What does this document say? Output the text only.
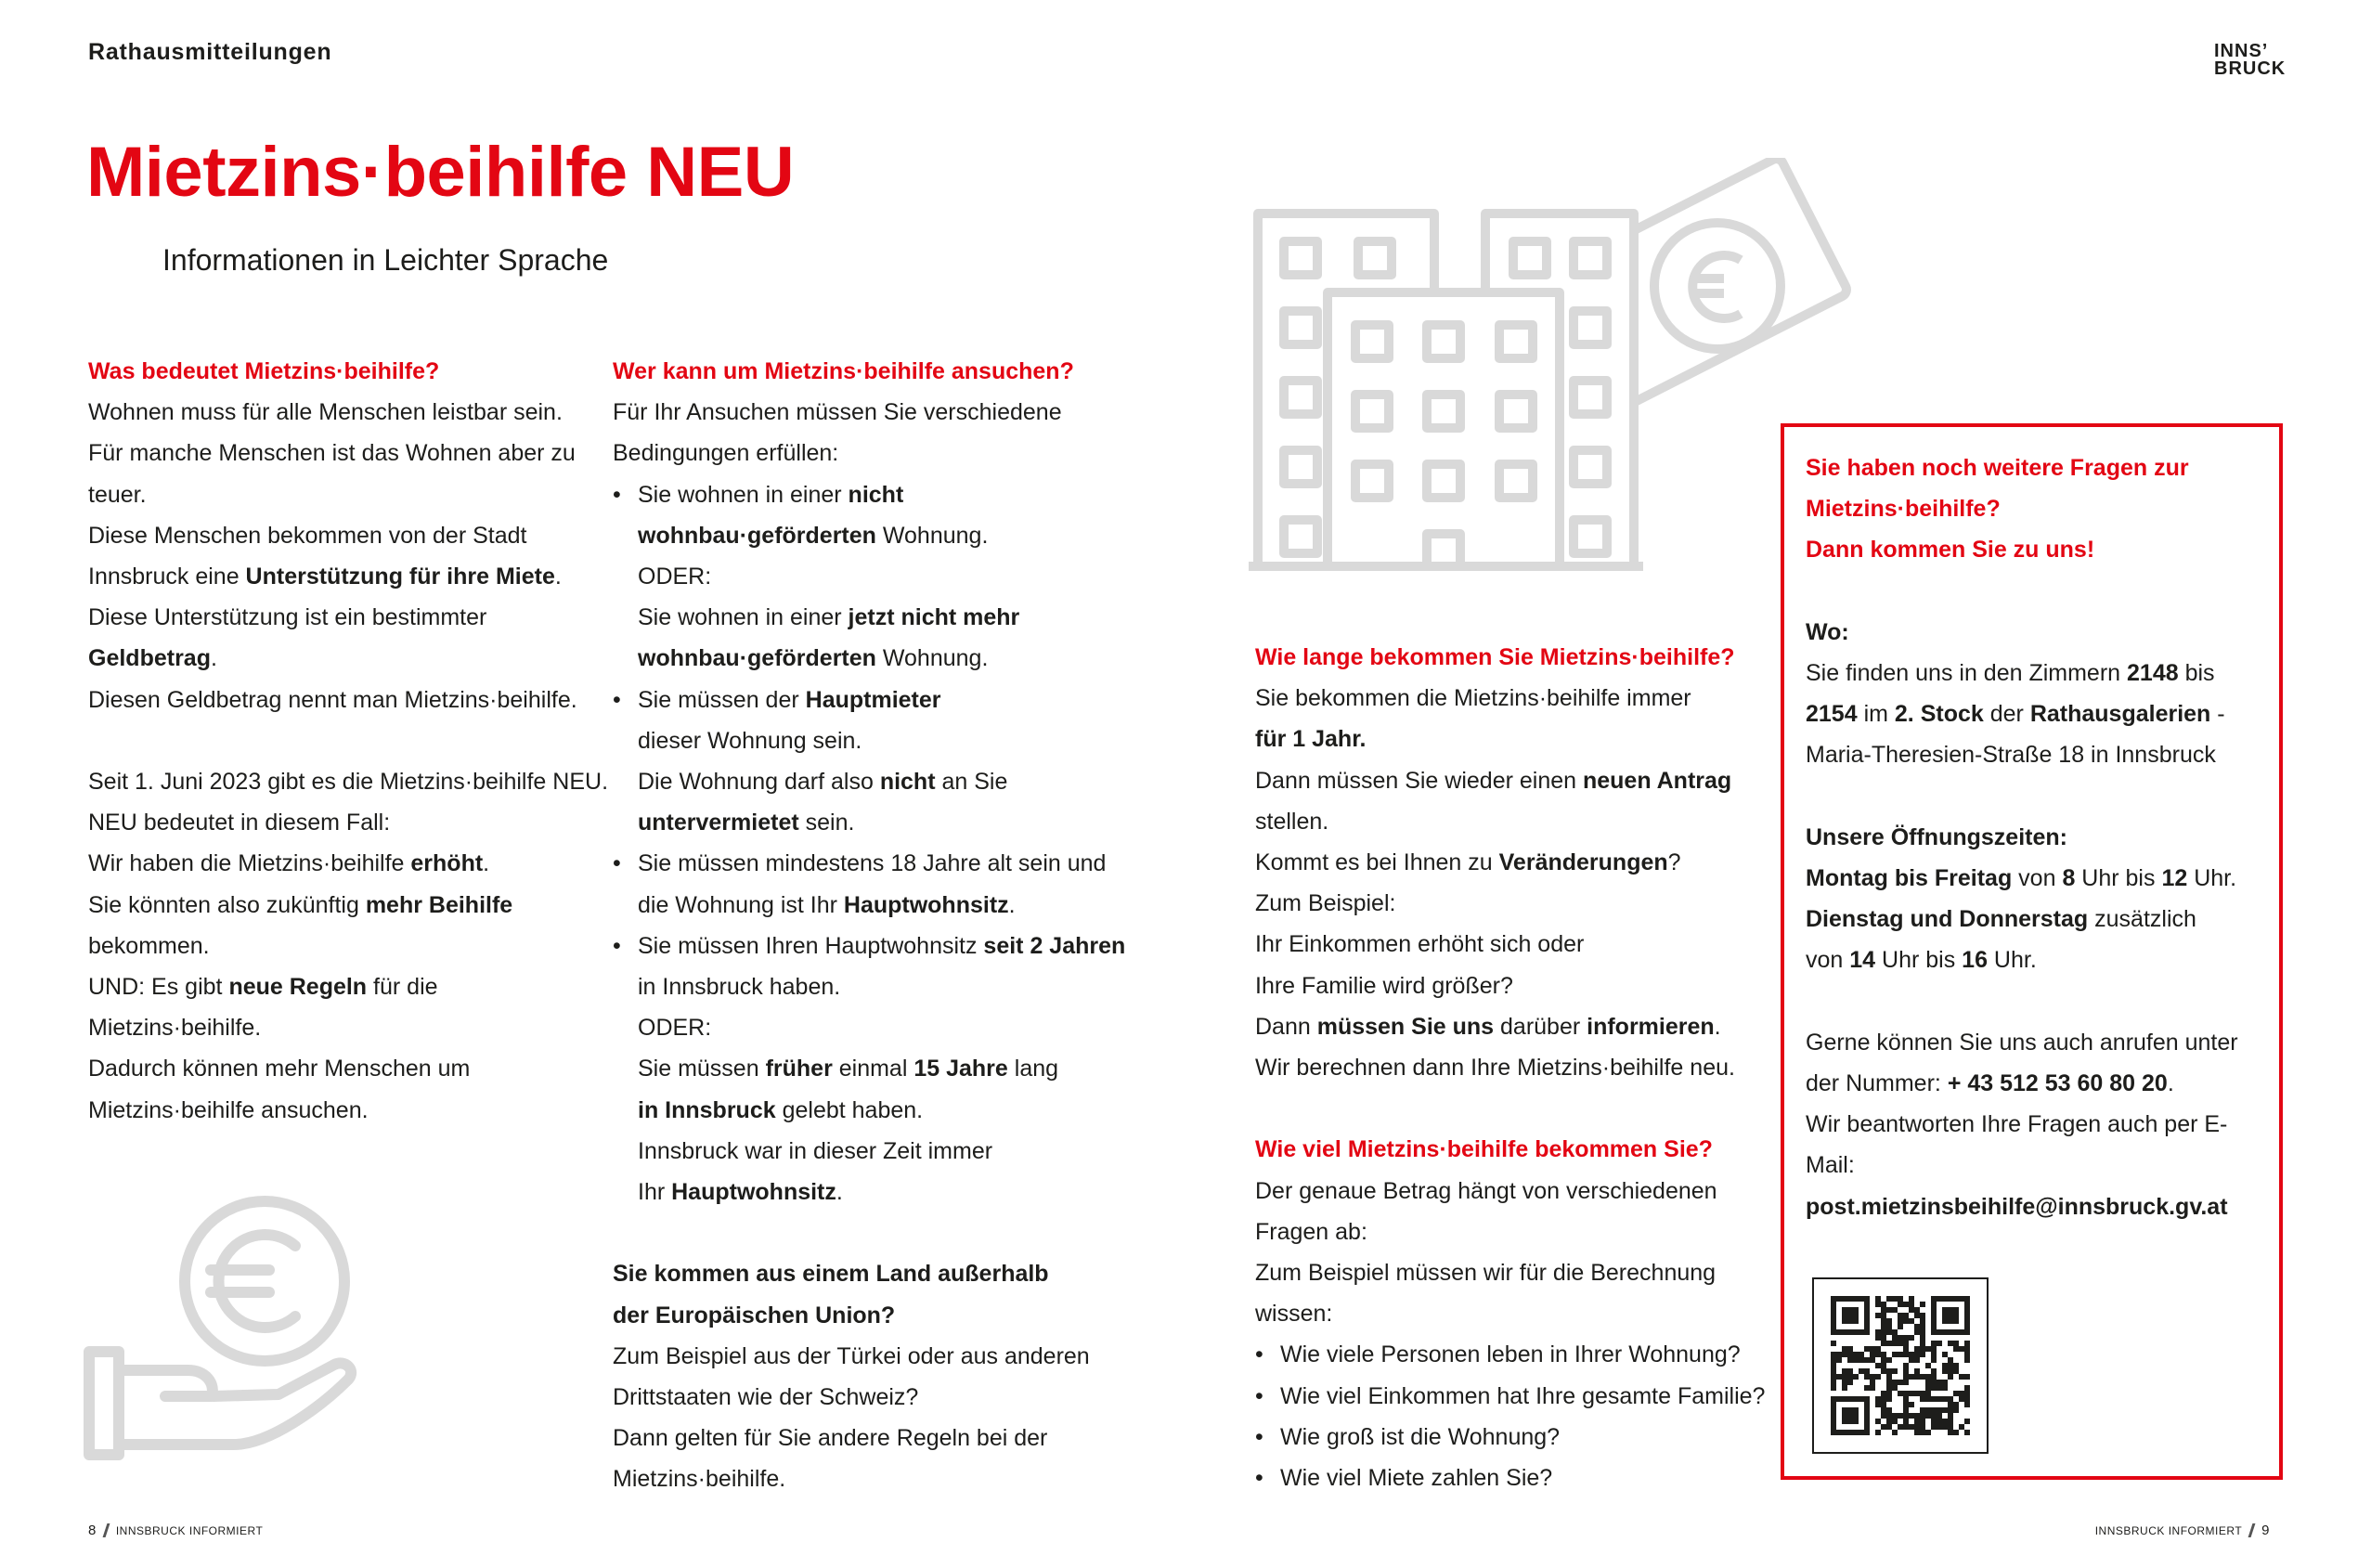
Rathausmitteilungen	INNS’
BRUCK
Mietzins·beihilfe NEU
Informationen in Leichter Sprache

Was bedeutet Mietzins·beihilfe?

Wohnen muss für alle Menschen leistbar sein.

Für manche Menschen ist das Wohnen aber zu

teuer.

Diese Menschen bekommen von der Stadt

Innsbruck eine Unterstützung für ihre Miete.

Diese Unterstützung ist ein bestimmter

Geldbetrag.

Diesen Geldbetrag nennt man Mietzins·beihilfe.

Seit 1. Juni 2023 gibt es die Mietzins·beihilfe NEU.

NEU bedeutet in diesem Fall:

Wir haben die Mietzins·beihilfe erhöht.

Sie könnten also zukünftig mehr Beihilfe

bekommen.

UND: Es gibt neue Regeln für die

Mietzins·beihilfe.

Dadurch können mehr Menschen um

Mietzins·beihilfe ansuchen.

Wer kann um Mietzins·beihilfe ansuchen?

Für Ihr Ansuchen müssen Sie verschiedene

Bedingungen erfüllen:

• Sie wohnen in einer nicht

wohnbau·geförderten Wohnung.

ODER:

Sie wohnen in einer jetzt nicht mehr

wohnbau·geförderten Wohnung.

• Sie müssen der Hauptmieter

dieser Wohnung sein.

Die Wohnung darf also nicht an Sie

untervermietet sein.

• Sie müssen mindestens 18 Jahre alt sein und

die Wohnung ist Ihr Hauptwohnsitz.

• Sie müssen Ihren Hauptwohnsitz seit 2 Jahren

in Innsbruck haben.

ODER:

Sie müssen früher einmal 15 Jahre lang

in Innsbruck gelebt haben.

Innsbruck war in dieser Zeit immer

Ihr Hauptwohnsitz.

Sie kommen aus einem Land außerhalb

der Europäischen Union?

Zum Beispiel aus der Türkei oder aus anderen

Drittstaaten wie der Schweiz?

Dann gelten für Sie andere Regeln bei der

Mietzins·beihilfe.

Wie lange bekommen Sie Mietzins·beihilfe?

Sie bekommen die Mietzins·beihilfe immer

für 1 Jahr.

Dann müssen Sie wieder einen neuen Antrag

stellen.

Kommt es bei Ihnen zu Veränderungen?

Zum Beispiel:

Ihr Einkommen erhöht sich oder

Ihre Familie wird größer?

Dann müssen Sie uns darüber informieren.

Wir berechnen dann Ihre Mietzins·beihilfe neu.

Wie viel Mietzins·beihilfe bekommen Sie?

Der genaue Betrag hängt von verschiedenen

Fragen ab:

Zum Beispiel müssen wir für die Berechnung

wissen:

• Wie viele Personen leben in Ihrer Wohnung?

• Wie viel Einkommen hat Ihre gesamte Familie?

• Wie groß ist die Wohnung?

• Wie viel Miete zahlen Sie?

Sie haben noch weitere Fragen zur

Mietzins·beihilfe?

Dann kommen Sie zu uns!

Wo:

Sie finden uns in den Zimmern 2148 bis

2154 im 2. Stock der Rathausgalerien -

Maria-Theresien-Straße 18 in Innsbruck

Unsere Öffnungszeiten:

Montag bis Freitag von 8 Uhr bis 12 Uhr.

Dienstag und Donnerstag zusätzlich

von 14 Uhr bis 16 Uhr.

Gerne können Sie uns auch anrufen unter

der Nummer: + 43 512 53 60 80 20.

Wir beantworten Ihre Fragen auch per E-Mail:

post.mietzinsbeihilfe@innsbruck.gv.at

8 INNSBRUCK INFORMIERT	INNSBRUCK INFORMIERT 9
